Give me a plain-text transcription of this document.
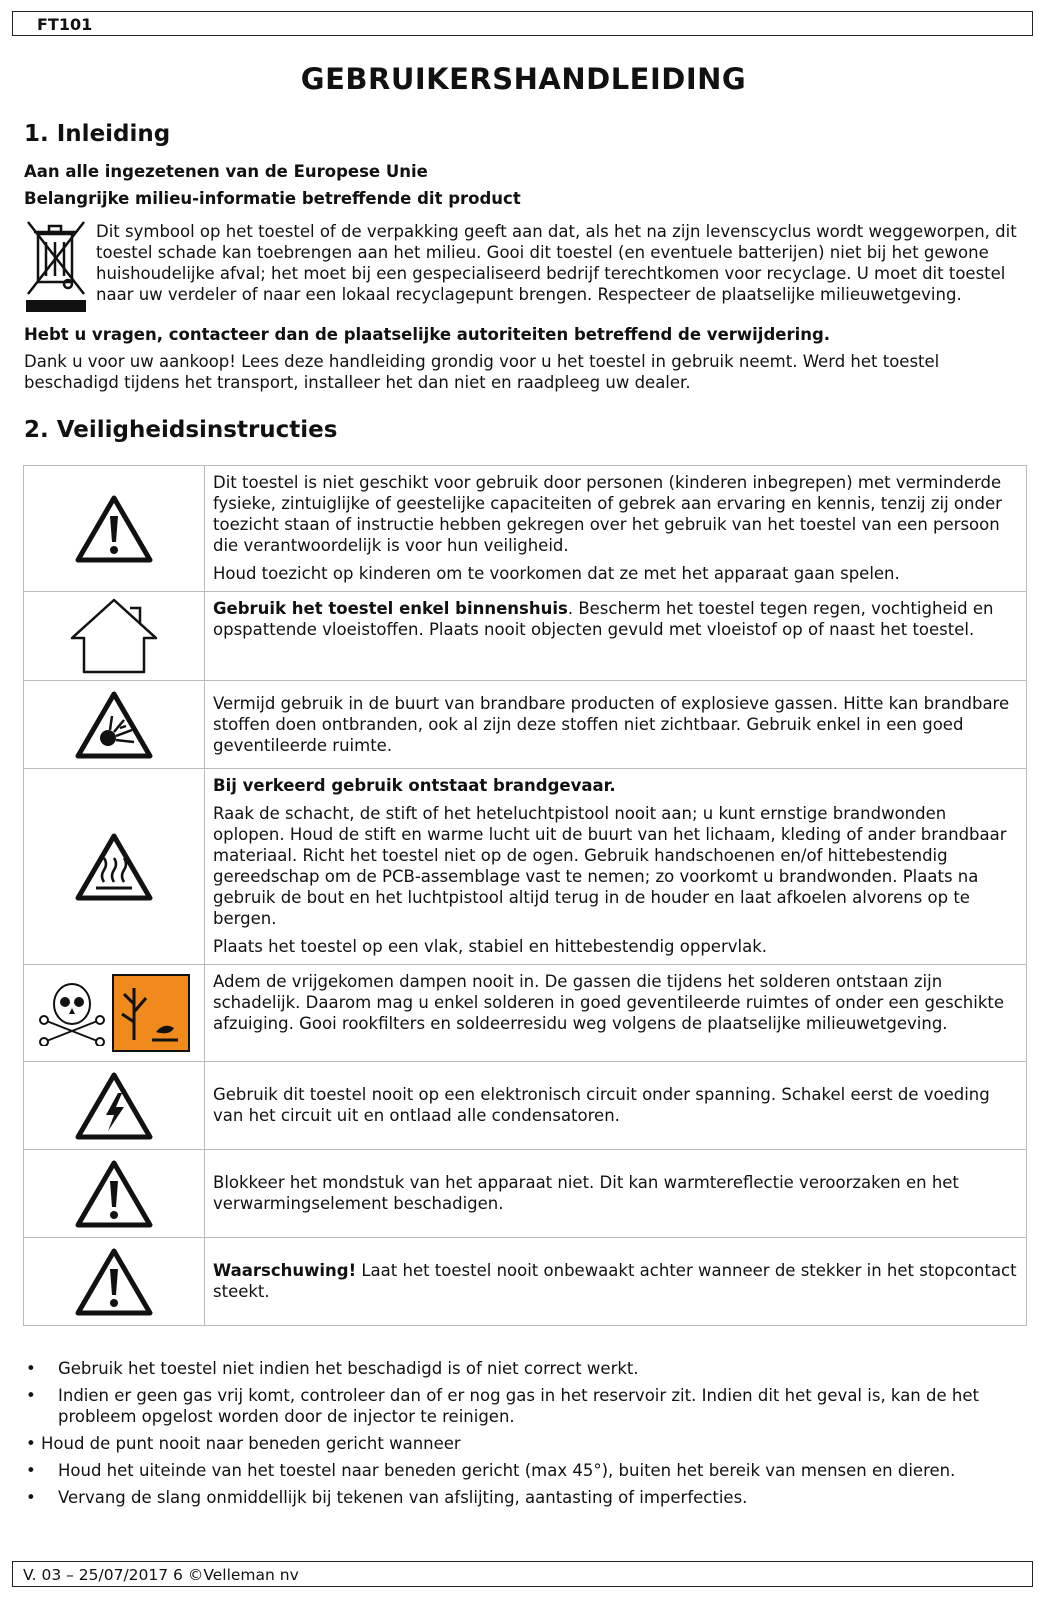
FT101
GEBRUIKERSHANDLEIDING
1. Inleiding

Aan alle ingezetenen van de Europese Unie

Belangrijke milieu-informatie betreffende dit product

Dit symbool op het toestel of de verpakking geeft aan dat, als het na zijn levenscyclus wordt weggeworpen, dit toestel schade kan toebrengen aan het milieu. Gooi dit toestel (en eventuele batterijen) niet bij het gewone huishoudelijke afval; het moet bij een gespecialiseerd bedrijf terechtkomen voor recyclage. U moet dit toestel naar uw verdeler of naar een lokaal recyclagepunt brengen. Respecteer de plaatselijke milieuwetgeving.

Hebt u vragen, contacteer dan de plaatselijke autoriteiten betreffend de verwijdering.

Dank u voor uw aankoop! Lees deze handleiding grondig voor u het toestel in gebruik neemt. Werd het toestel beschadigd tijdens het transport, installeer het dan niet en raadpleeg uw dealer.

2. Veiligheidsinstructies

Dit toestel is niet geschikt voor gebruik door personen (kinderen inbegrepen) met verminderde fysieke, zintuiglijke of geestelijke capaciteiten of gebrek aan ervaring en kennis, tenzij zij onder toezicht staan of instructie hebben gekregen over het gebruik van het toestel van een persoon die verantwoordelijk is voor hun veiligheid.

Houd toezicht op kinderen om te voorkomen dat ze met het apparaat gaan spelen.

Gebruik het toestel enkel binnenshuis. Bescherm het toestel tegen regen, vochtigheid en opspattende vloeistoffen. Plaats nooit objecten gevuld met vloeistof op of naast het toestel.

Vermijd gebruik in de buurt van brandbare producten of explosieve gassen. Hitte kan brandbare stoffen doen ontbranden, ook al zijn deze stoffen niet zichtbaar. Gebruik enkel in een goed geventileerde ruimte.

Bij verkeerd gebruik ontstaat brandgevaar.

Raak de schacht, de stift of het heteluchtpistool nooit aan; u kunt ernstige brandwonden oplopen. Houd de stift en warme lucht uit de buurt van het lichaam, kleding of ander brandbaar materiaal. Richt het toestel niet op de ogen. Gebruik handschoenen en/of hittebestendig gereedschap om de PCB-assemblage vast te nemen; zo voorkomt u brandwonden. Plaats na gebruik de bout en het luchtpistool altijd terug in de houder en laat afkoelen alvorens op te bergen.

Plaats het toestel op een vlak, stabiel en hittebestendig oppervlak.

Adem de vrijgekomen dampen nooit in. De gassen die tijdens het solderen ontstaan zijn schadelijk. Daarom mag u enkel solderen in goed geventileerde ruimtes of onder een geschikte afzuiging. Gooi rookfilters en soldeerresidu weg volgens de plaatselijke milieuwetgeving.

Gebruik dit toestel nooit op een elektronisch circuit onder spanning. Schakel eerst de voeding van het circuit uit en ontlaad alle condensatoren.

Blokkeer het mondstuk van het apparaat niet. Dit kan warmtereflectie veroorzaken en het verwarmingselement beschadigen.

Waarschuwing! Laat het toestel nooit onbewaakt achter wanneer de stekker in het stopcontact steekt.

• Gebruik het toestel niet indien het beschadigd is of niet correct werkt.
• Indien er geen gas vrij komt, controleer dan of er nog gas in het reservoir zit. Indien dit het geval is, kan de het probleem opgelost worden door de injector te reinigen.
• Houd de punt nooit naar beneden gericht wanneer
• Houd het uiteinde van het toestel naar beneden gericht (max 45°), buiten het bereik van mensen en dieren.
• Vervang de slang onmiddellijk bij tekenen van afslijting, aantasting of imperfecties.
V. 03 – 25/07/2017 6 ©Velleman nv
